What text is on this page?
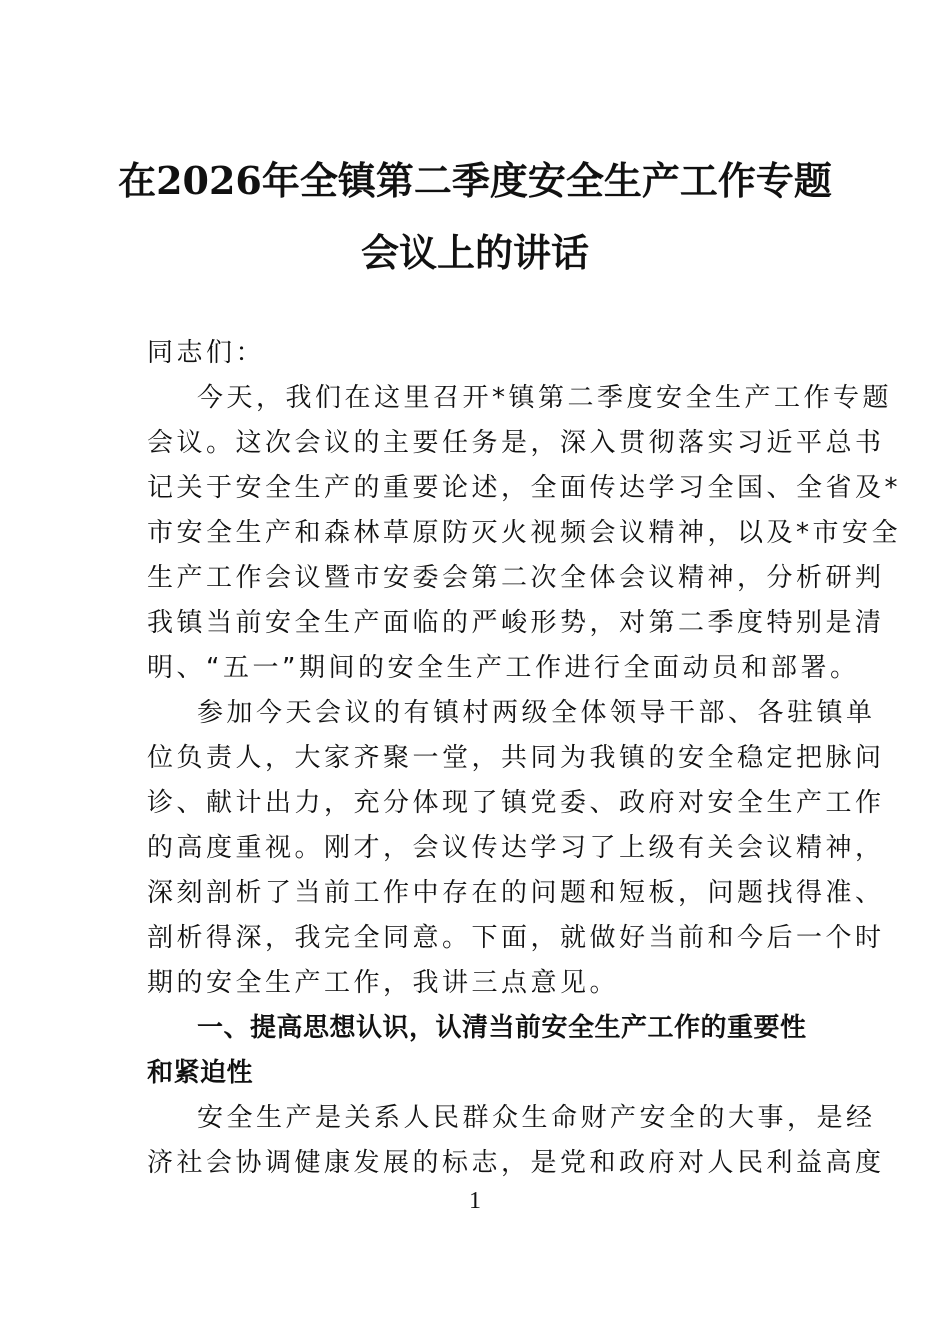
在2026年全镇第二季度安全生产工作专题
会议上的讲话
同志们：
今天，我们在这里召开*镇第二季度安全生产工作专题
会议。这次会议的主要任务是，深入贯彻落实习近平总书
记关于安全生产的重要论述，全面传达学习全国、全省及*
市安全生产和森林草原防灭火视频会议精神，以及*市安全
生产工作会议暨市安委会第二次全体会议精神，分析研判
我镇当前安全生产面临的严峻形势，对第二季度特别是清
明、“五一”期间的安全生产工作进行全面动员和部署。
参加今天会议的有镇村两级全体领导干部、各驻镇单
位负责人，大家齐聚一堂，共同为我镇的安全稳定把脉问
诊、献计出力，充分体现了镇党委、政府对安全生产工作
的高度重视。刚才，会议传达学习了上级有关会议精神，
深刻剖析了当前工作中存在的问题和短板，问题找得准、
剖析得深，我完全同意。下面，就做好当前和今后一个时
期的安全生产工作，我讲三点意见。
一、提高思想认识，认清当前安全生产工作的重要性
和紧迫性
安全生产是关系人民群众生命财产安全的大事，是经
济社会协调健康发展的标志，是党和政府对人民利益高度
1
